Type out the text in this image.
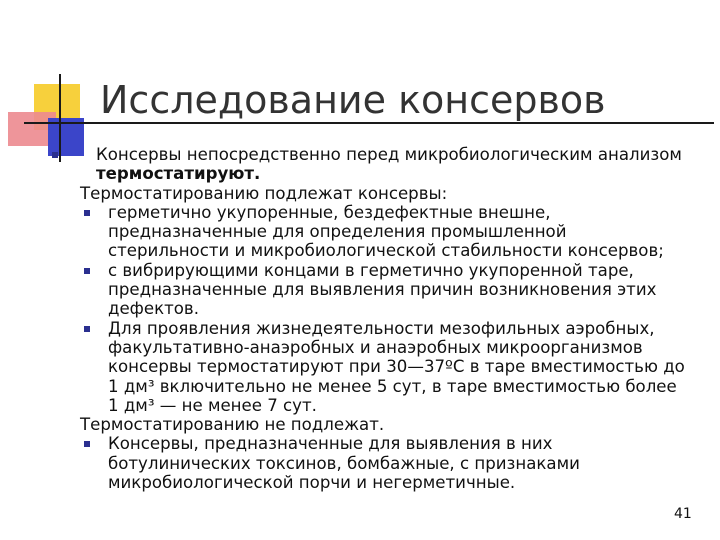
Исследование консервов
Консервы непосредственно перед микробиологическим анализом термостатируют.
Термостатированию подлежат консервы:
герметично укупоренные, бездефектные внешне, предназначенные для определения промышленной стерильности и микробиологической стабильности консервов;
с вибрирующими концами в герметично укупоренной таре, предназначенные для выявления причин возникновения этих дефектов.
Для проявления жизнедеятельности мезофильных аэробных, факультативно-анаэробных и анаэробных микроорганизмов консервы термостатируют при 30—37ºС в таре вместимостью до 1 дм³ включительно не менее 5 сут, в таре вместимостью более 1 дм³ — не менее 7 сут.
Термостатированию не подлежат.
Консервы, предназначенные для выявления в них ботулинических токсинов, бомбажные, с признаками микробиологической порчи и негерметичные.
41
